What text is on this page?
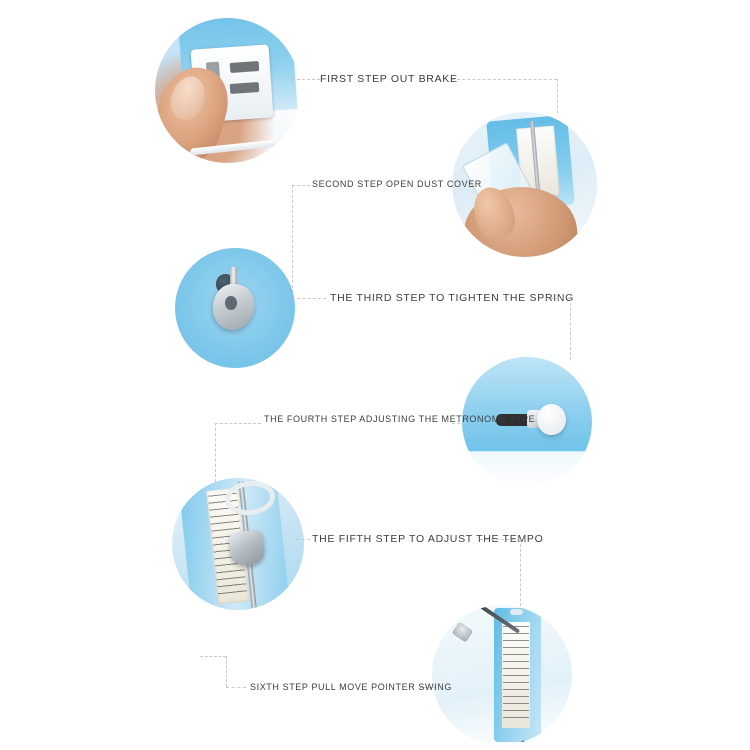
FIRST STEP OUT BRAKE
SECOND STEP OPEN DUST COVER
THE THIRD STEP TO TIGHTEN THE SPRING
THE FOURTH STEP ADJUSTING THE METRONOME TYPE
THE FIFTH STEP TO ADJUST THE TEMPO
SIXTH STEP PULL MOVE POINTER SWING
